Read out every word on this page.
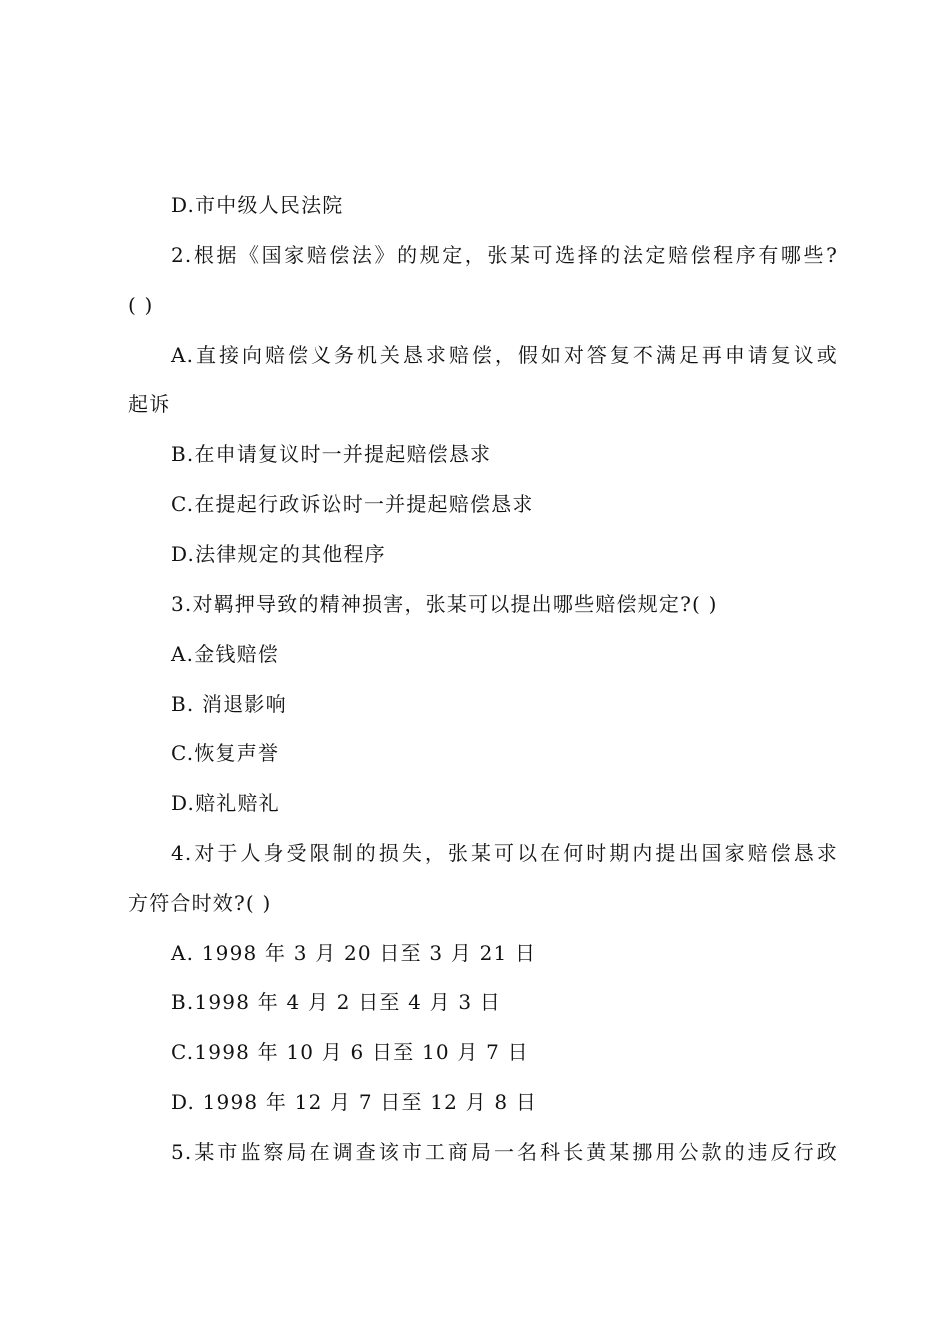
D.市中级人民法院
2.根据《国家赔偿法》的规定，张某可选择的法定赔偿程序有哪些?
( )
A.直接向赔偿义务机关恳求赔偿，假如对答复不满足再申请复议或
起诉
B.在申请复议时一并提起赔偿恳求
C.在提起行政诉讼时一并提起赔偿恳求
D.法律规定的其他程序
3.对羁押导致的精神损害，张某可以提出哪些赔偿规定?( )
A.金钱赔偿
B. 消退影响
C.恢复声誉
D.赔礼赔礼
4.对于人身受限制的损失，张某可以在何时期内提出国家赔偿恳求
方符合时效?( )
A. 1998 年 3 月 20 日至 3 月 21 日
B.1998 年 4 月 2 日至 4 月 3 日
C.1998 年 10 月 6 日至 10 月 7 日
D. 1998 年 12 月 7 日至 12 月 8 日
5.某市监察局在调查该市工商局一名科长黄某挪用公款的违反行政
